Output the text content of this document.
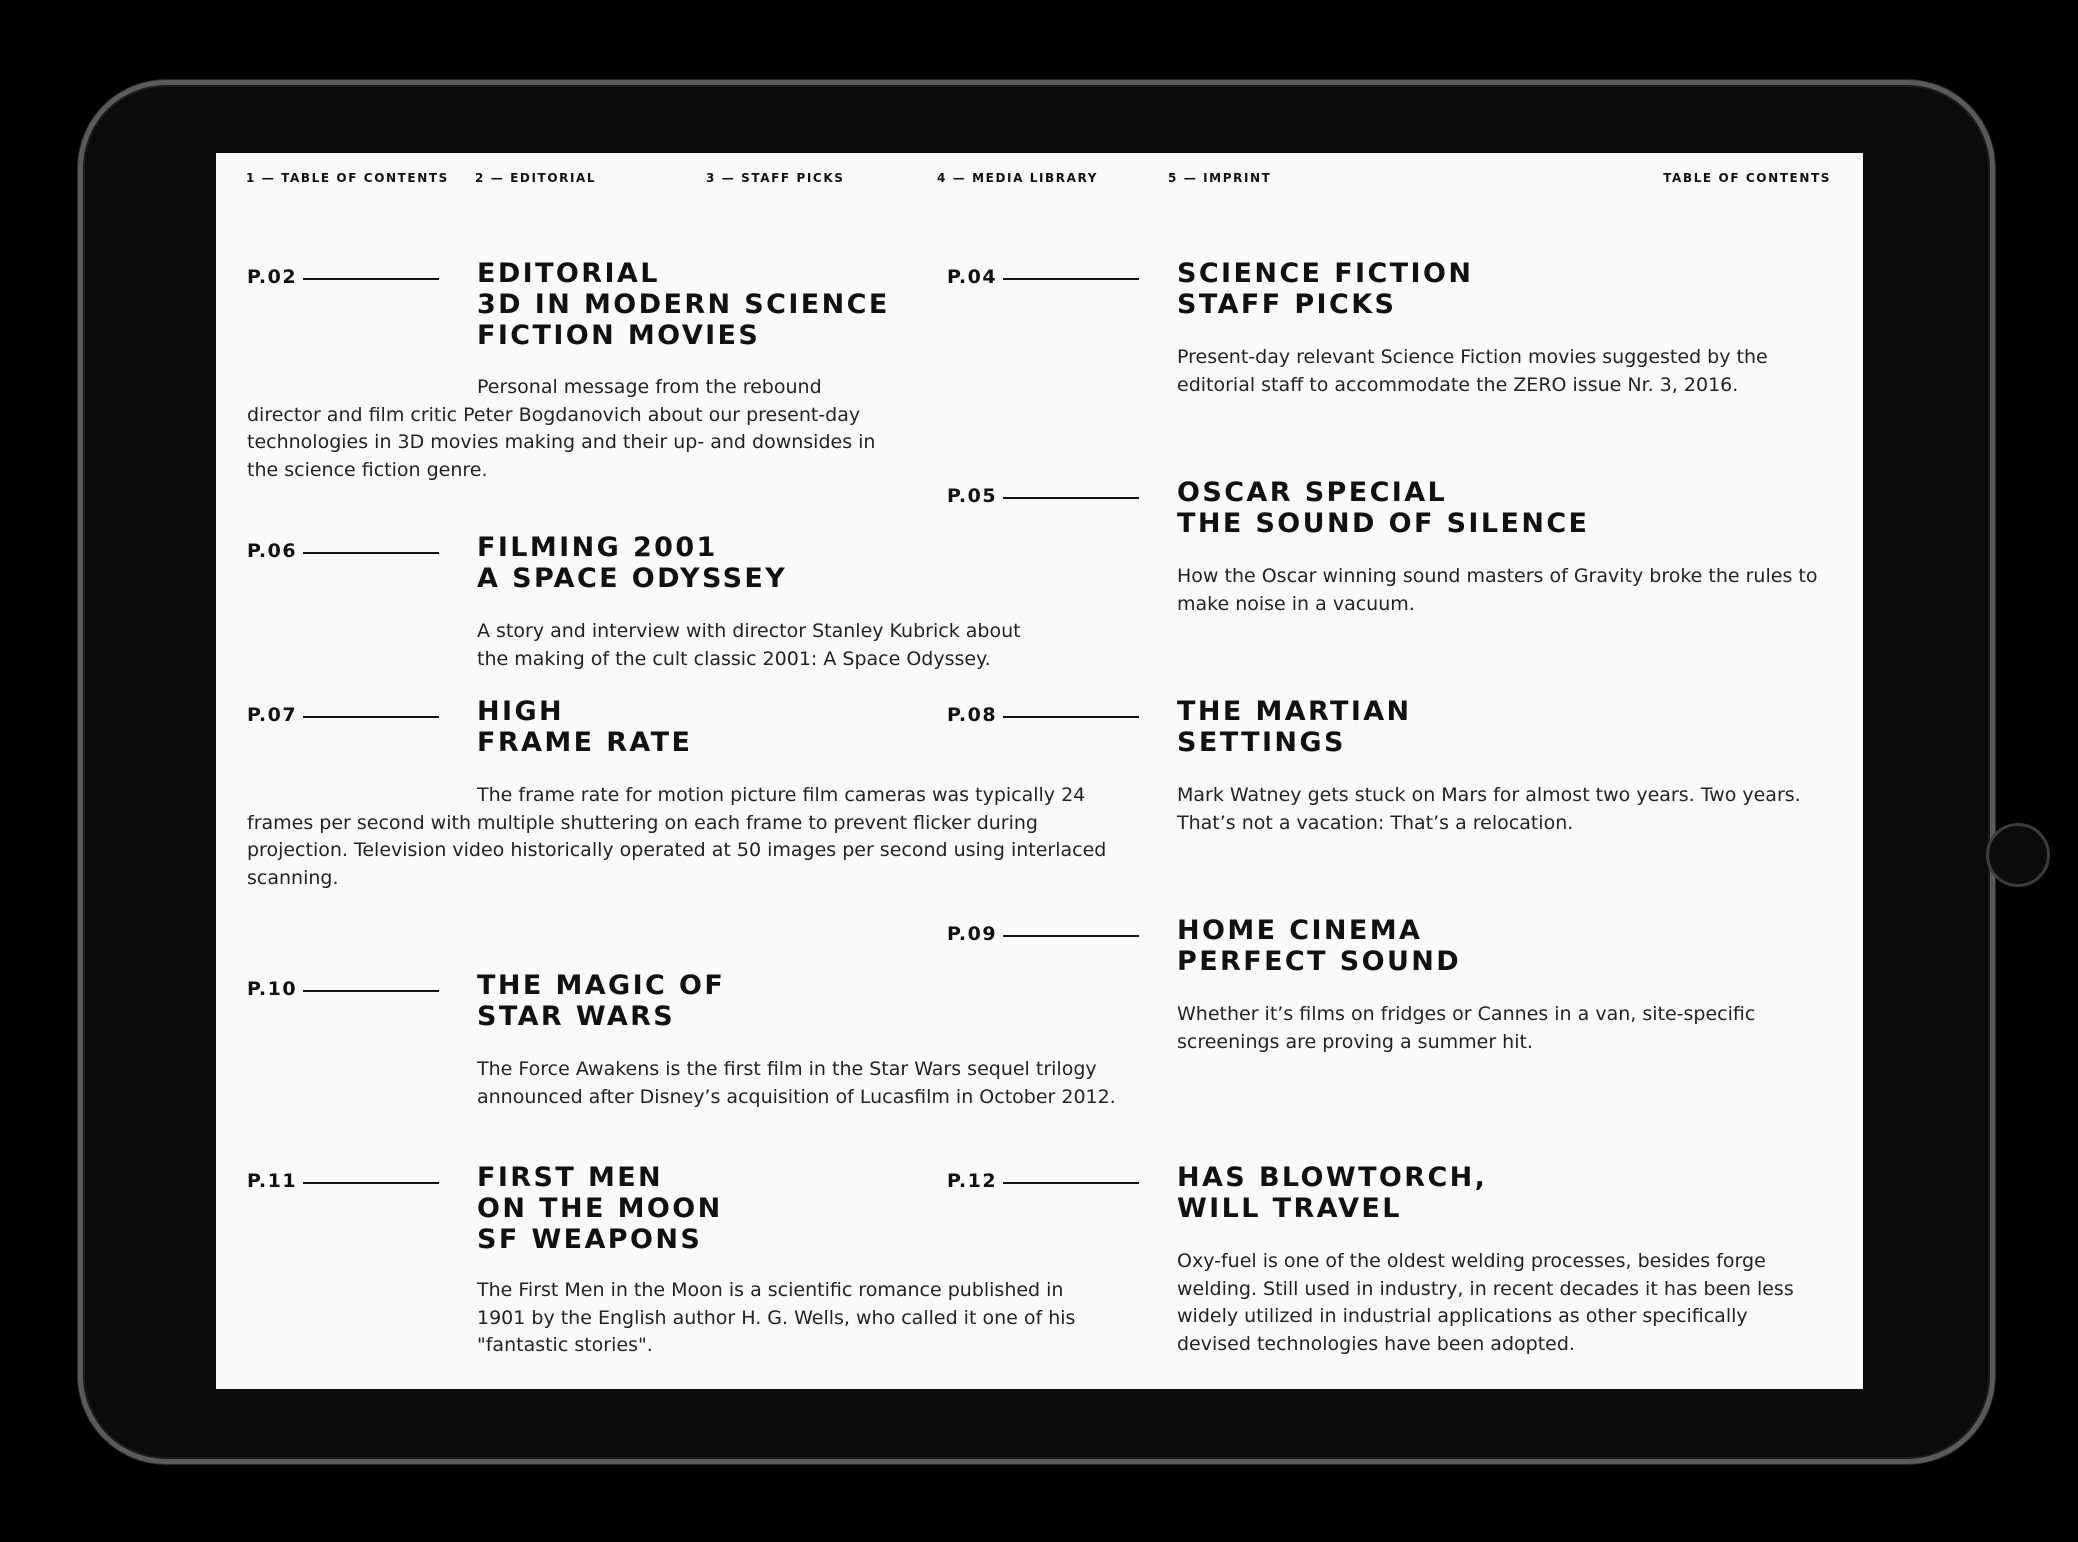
1 — TABLE OF CONTENTS 2 — EDITORIAL	3 — STAFF PICKS	4 — MEDIA LIBRARY	5 — IMPRINT	TABLE OF CONTENTS
P.02	EDITORIAL
3D IN MODERN SCIENCE
FICTION MOVIES

Personal message from the rebound director and film critic Peter Bogdanovich about our present-day technologies in 3D movies making and their up- and downsides in the science fiction genre.

P.04	SCIENCE FICTION
STAFF PICKS

Present-day relevant Science Fiction movies suggested by the editorial staff to accommodate the ZERO issue Nr. 3, 2016.

P.05	OSCAR SPECIAL
THE SOUND OF SILENCE

How the Oscar winning sound masters of Gravity broke the rules to make noise in a vacuum.

P.06	FILMING 2001
A SPACE ODYSSEY

A story and interview with director Stanley Kubrick about the making of the cult classic 2001: A Space Odyssey.

P.07	HIGH
FRAME RATE

The frame rate for motion picture film cameras was typically 24 frames per second with multiple shuttering on each frame to prevent flicker during projection. Television video historically operated at 50 images per second using interlaced scanning.

P.08	THE MARTIAN
SETTINGS

Mark Watney gets stuck on Mars for almost two years. Two years. That’s not a vacation: That’s a relocation.

P.09	HOME CINEMA
PERFECT SOUND

Whether it’s films on fridges or Cannes in a van, site-specific screenings are proving a summer hit.

P.10	THE MAGIC OF
STAR WARS

The Force Awakens is the first film in the Star Wars sequel trilogy announced after Disney’s acquisition of Lucasfilm in October 2012.

P.11	FIRST MEN
ON THE MOON
SF WEAPONS

The First Men in the Moon is a scientific romance published in 1901 by the English author H. G. Wells, who called it one of his "fantastic stories".

P.12	HAS BLOWTORCH,
WILL TRAVEL

Oxy-fuel is one of the oldest welding processes, besides forge welding. Still used in industry, in recent decades it has been less widely utilized in industrial applications as other specifically devised technologies have been adopted.
